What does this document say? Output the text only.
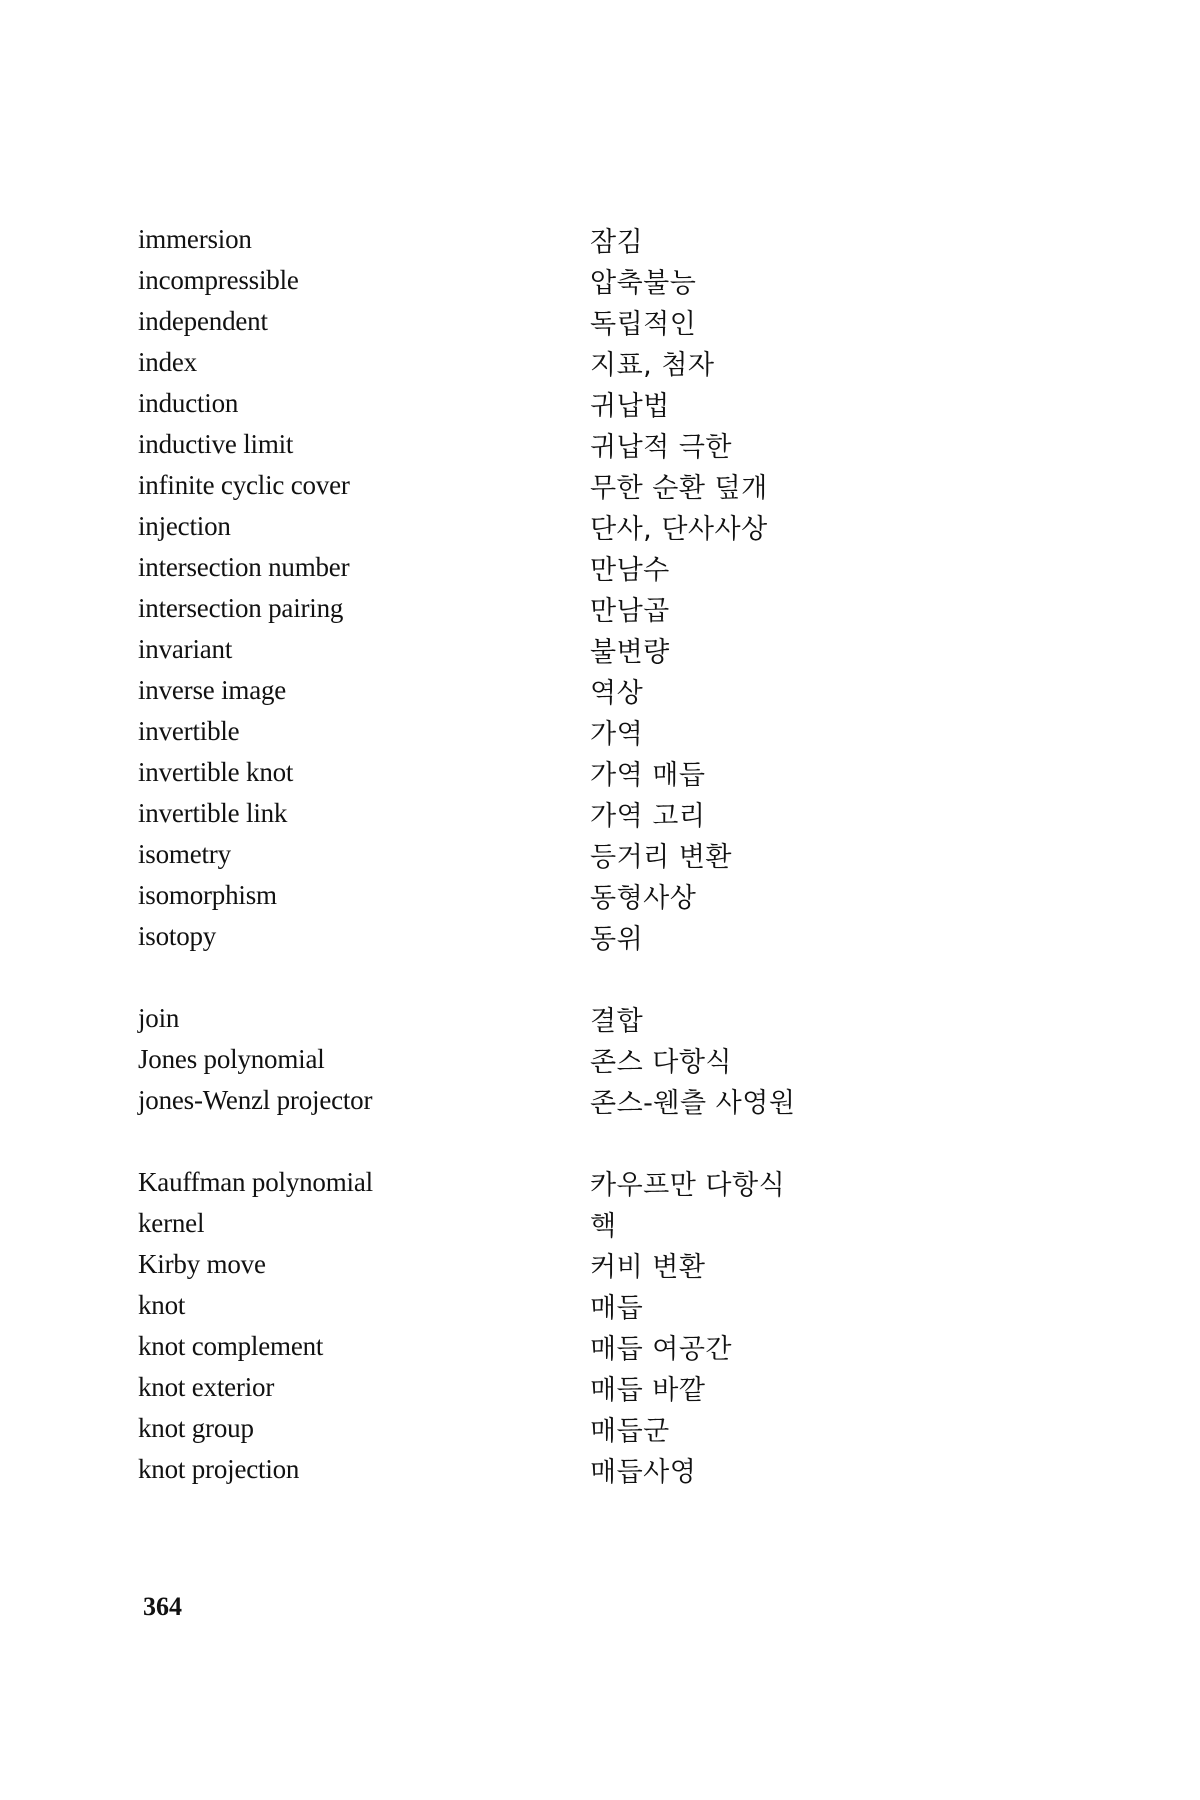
immersion	잠김
incompressible	압축불능
independent	독립적인
index	지표, 첨자
induction	귀납법
inductive limit	귀납적 극한
infinite cyclic cover	무한 순환 덮개
injection	단사, 단사사상
intersection number	만남수
intersection pairing	만남곱
invariant	불변량
inverse image	역상
invertible	가역
invertible knot	가역 매듭
invertible link	가역 고리
isometry	등거리 변환
isomorphism	동형사상
isotopy	동위
join	결합
Jones polynomial	존스 다항식
jones-Wenzl projector	존스-웬츨 사영원
Kauffman polynomial	카우프만 다항식
kernel	핵
Kirby move	커비 변환
knot	매듭
knot complement	매듭 여공간
knot exterior	매듭 바깥
knot group	매듭군
knot projection	매듭사영
364
